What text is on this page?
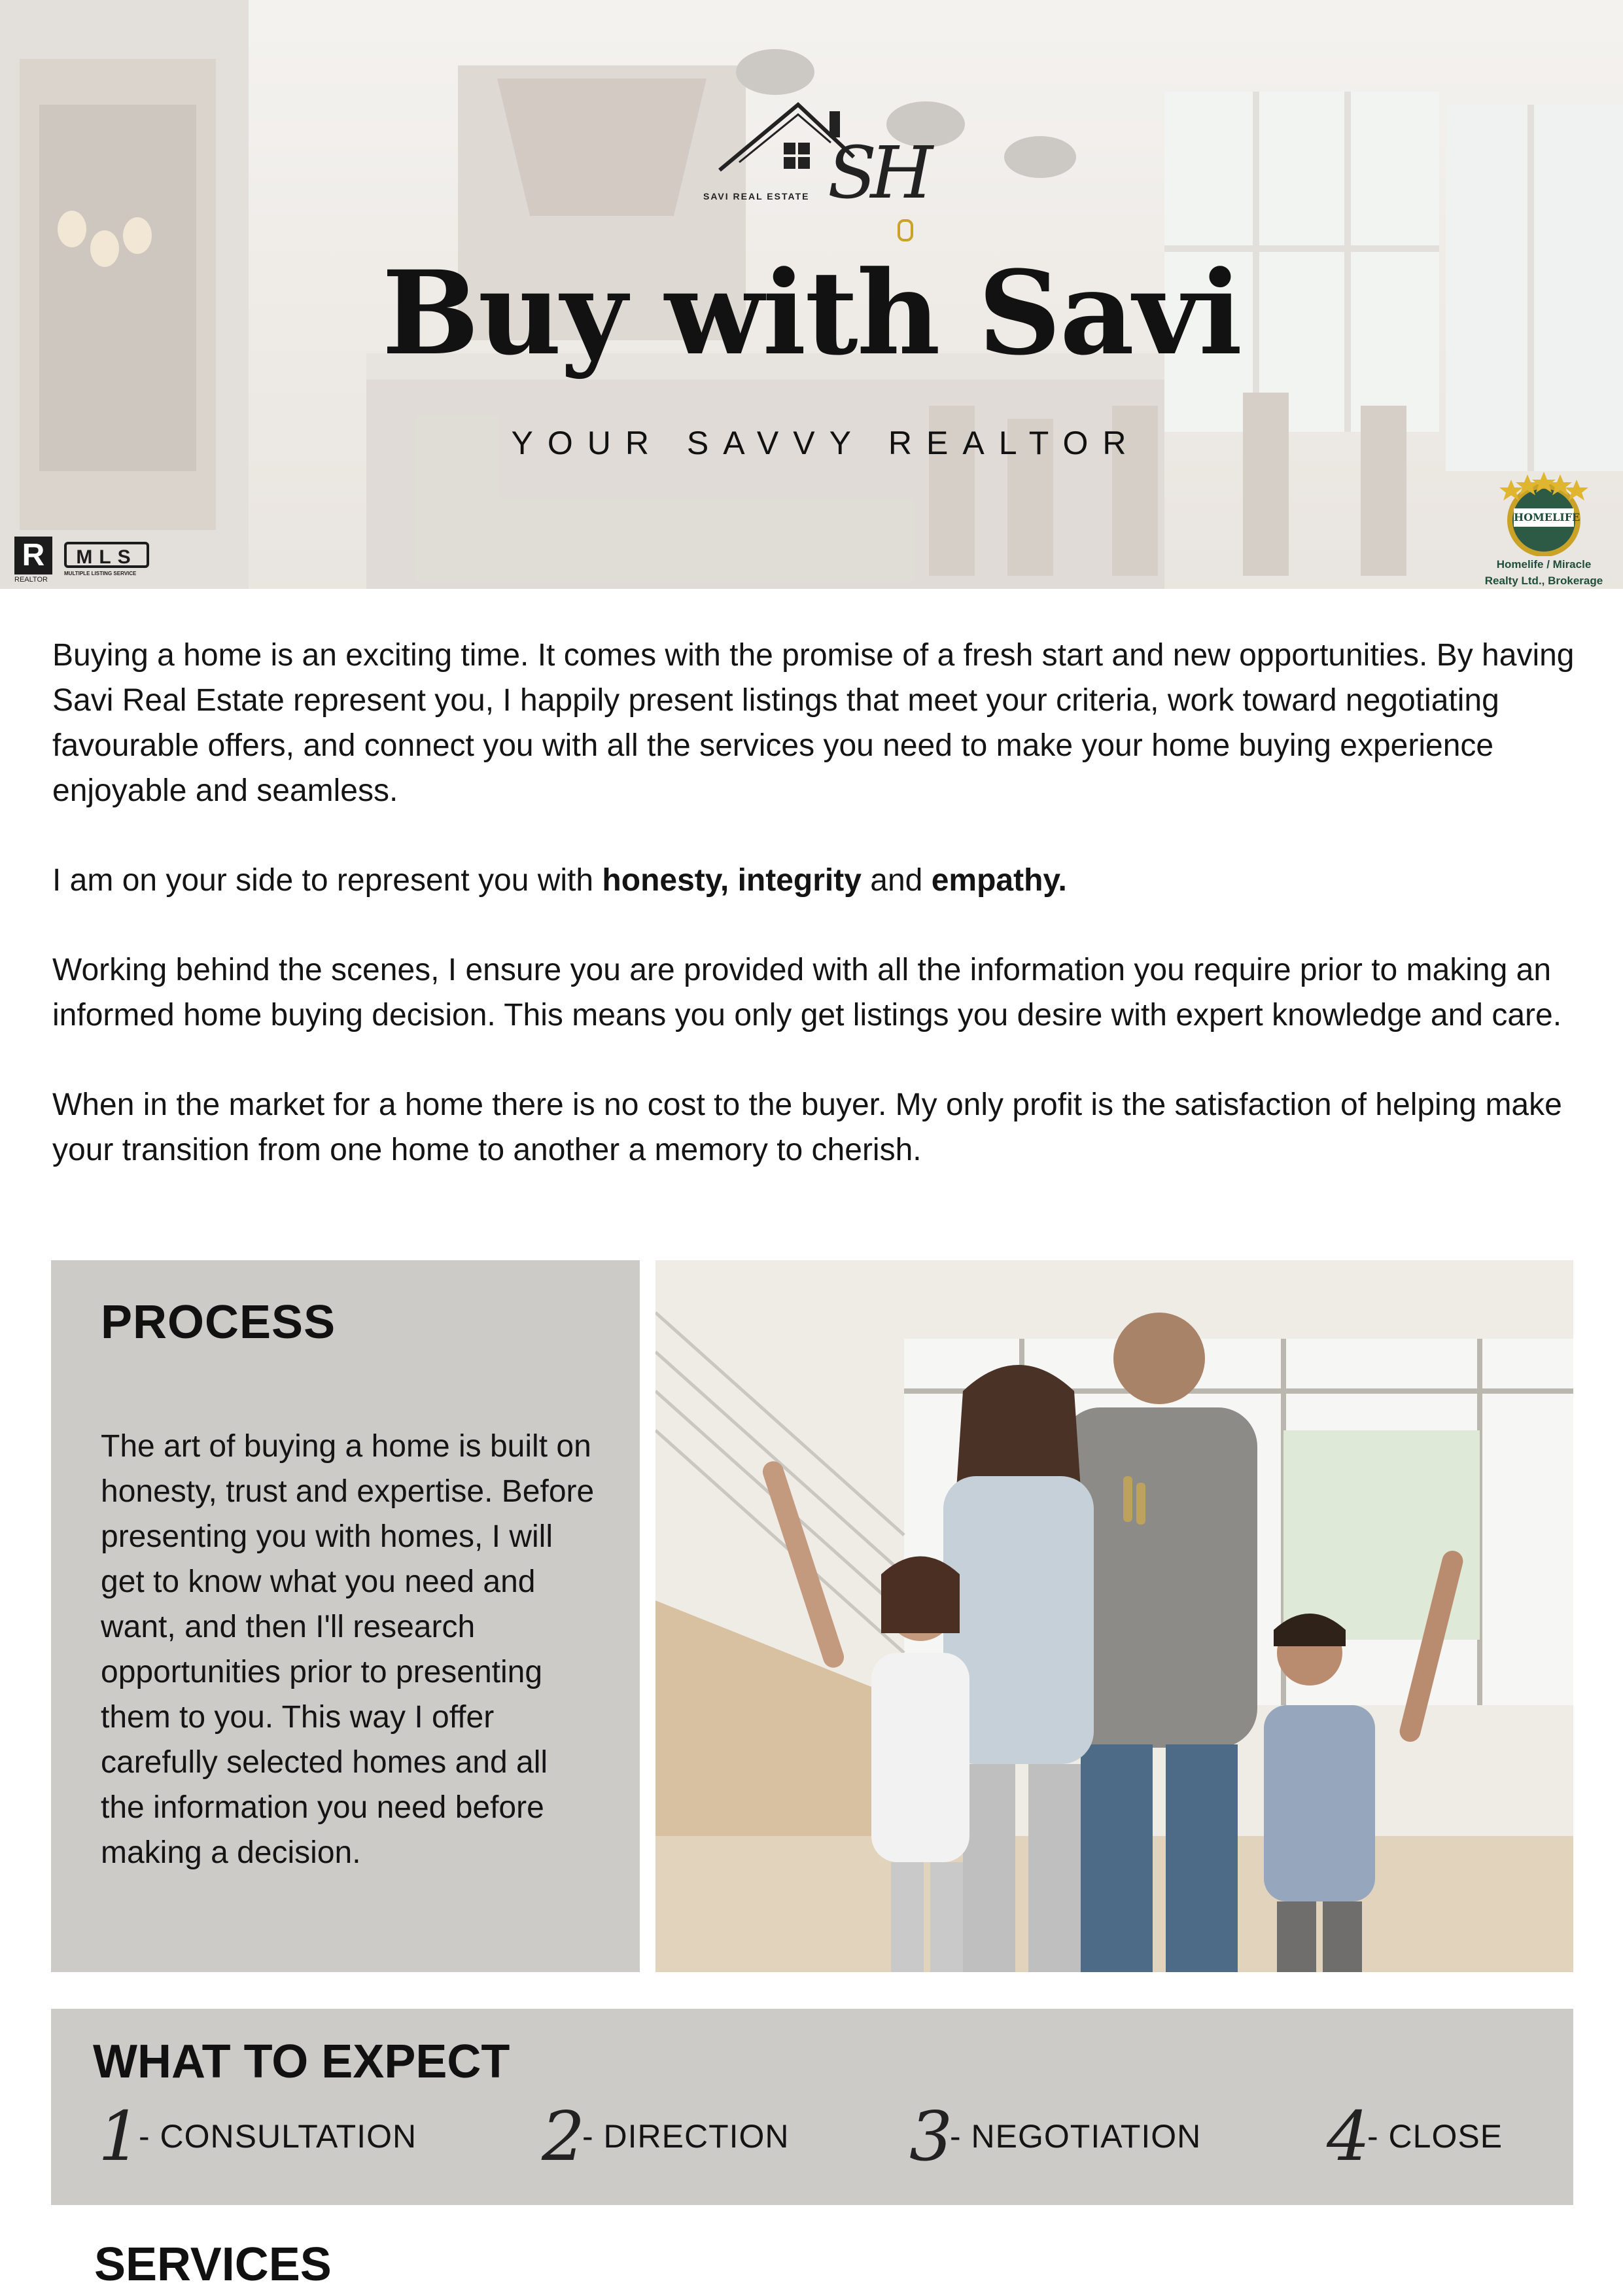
SAVI REAL ESTATE SH
Buy with Savi
YOUR SAVVY REALTOR
R
REALTOR
MLS
MULTIPLE LISTING SERVICE
HOMELIFE
Homelife / Miracle
Realty Ltd., Brokerage

Buying a home is an exciting time. It comes with the promise of a fresh start and new opportunities. By having Savi Real Estate represent you, I happily present listings that meet your criteria, work toward negotiating favourable offers, and connect you with all the services you need to make your home buying experience enjoyable and seamless.

I am on your side to represent you with honesty, integrity and empathy.

Working behind the scenes, I ensure you are provided with all the information you require prior to making an informed home buying decision. This means you only get listings you desire with expert knowledge and care.

When in the market for a home there is no cost to the buyer. My only profit is the satisfaction of helping make your transition from one home to another a memory to cherish.

PROCESS

The art of buying a home is built on honesty, trust and expertise. Before presenting you with homes, I will get to know what you need and want, and then I'll research opportunities prior to presenting them to you. This way I offer carefully selected homes and all the information you need before making a decision.

WHAT TO EXPECT
1
- CONSULTATION 2
- DIRECTION 3
- NEGOTIATION 4
- CLOSE
SERVICES
